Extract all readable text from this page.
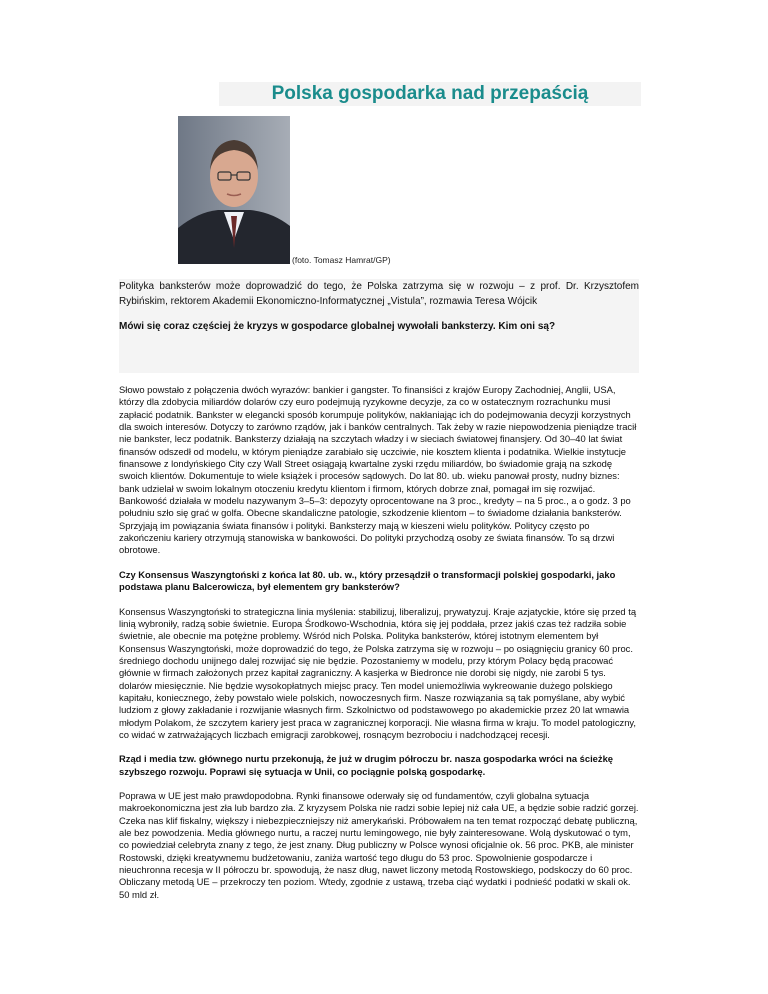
Polska gospodarka nad przepaścią
(foto. Tomasz Hamrat/GP)

Polityka banksterów może doprowadzić do tego, że Polska zatrzyma się w rozwoju – z prof. Dr. Krzysztofem Rybińskim, rektorem Akademii Ekonomiczno-Informatycznej „Vistula”, rozmawia Teresa Wójcik

Mówi się coraz częściej że kryzys w gospodarce globalnej wywołali banksterzy. Kim oni są?

Słowo powstało z połączenia dwóch wyrazów: bankier i gangster. To finansiści z krajów Europy Zachodniej, Anglii, USA, którzy dla zdobycia miliardów dolarów czy euro podejmują ryzykowne decyzje, za co w ostatecznym rozrachunku musi zapłacić podatnik. Bankster w elegancki sposób korumpuje polityków, nakłaniając ich do podejmowania decyzji korzystnych dla swoich interesów. Dotyczy to zarówno rządów, jak i banków centralnych. Tak żeby w razie niepowodzenia pieniądze tracił nie bankster, lecz podatnik. Banksterzy działają na szczytach władzy i w sieciach światowej finansjery. Od 30–40 lat świat finansów odszedł od modelu, w którym pieniądze zarabiało się uczciwie, nie kosztem klienta i podatnika. Wielkie instytucje finansowe z londyńskiego City czy Wall Street osiągają kwartalne zyski rzędu miliardów, bo świadomie grają na szkodę swoich klientów. Dokumentuje to wiele książek i procesów sądowych. Do lat 80. ub. wieku panował prosty, nudny biznes: bank udzielał w swoim lokalnym otoczeniu kredytu klientom i firmom, których dobrze znał, pomagał im się rozwijać. Bankowość działała w modelu nazywanym 3–5–3: depozyty oprocentowane na 3 proc., kredyty – na 5 proc., a o godz. 3 po południu szło się grać w golfa. Obecne skandaliczne patologie, szkodzenie klientom – to świadome działania banksterów. Sprzyjają im powiązania świata finansów i polityki. Banksterzy mają w kieszeni wielu polityków. Politycy często po zakończeniu kariery otrzymują stanowiska w bankowości. Do polityki przychodzą osoby ze świata finansów. To są drzwi obrotowe.

Czy Konsensus Waszyngtoński z końca lat 80. ub. w., który przesądził o transformacji polskiej gospodarki, jako podstawa planu Balcerowicza, był elementem gry banksterów?

Konsensus Waszyngtoński to strategiczna linia myślenia: stabilizuj, liberalizuj, prywatyzuj. Kraje azjatyckie, które się przed tą linią wybroniły, radzą sobie świetnie. Europa Środkowo-Wschodnia, która się jej poddała, przez jakiś czas też radziła sobie świetnie, ale obecnie ma potężne problemy. Wśród nich Polska. Polityka banksterów, której istotnym elementem był Konsensus Waszyngtoński, może doprowadzić do tego, że Polska zatrzyma się w rozwoju – po osiągnięciu granicy 60 proc. średniego dochodu unijnego dalej rozwijać się nie będzie. Pozostaniemy w modelu, przy którym Polacy będą pracować głównie w firmach założonych przez kapitał zagraniczny. A kasjerka w Biedronce nie dorobi się nigdy, nie zarobi 5 tys. dolarów miesięcznie. Nie będzie wysokopłatnych miejsc pracy. Ten model uniemożliwia wykreowanie dużego polskiego kapitału, koniecznego, żeby powstało wiele polskich, nowoczesnych firm. Nasze rozwiązania są tak pomyślane, aby wybić ludziom z głowy zakładanie i rozwijanie własnych firm. Szkolnictwo od podstawowego po akademickie przez 20 lat wmawia młodym Polakom, że szczytem kariery jest praca w zagranicznej korporacji. Nie własna firma w kraju. To model patologiczny, co widać w zatrważających liczbach emigracji zarobkowej, rosnącym bezrobociu i nadchodzącej recesji.

Rząd i media tzw. głównego nurtu przekonują, że już w drugim półroczu br. nasza gospodarka wróci na ścieżkę szybszego rozwoju. Poprawi się sytuacja w Unii, co pociągnie polską gospodarkę.

Poprawa w UE jest mało prawdopodobna. Rynki finansowe oderwały się od fundamentów, czyli globalna sytuacja makroekonomiczna jest zła lub bardzo zła. Z kryzysem Polska nie radzi sobie lepiej niż cała UE, a będzie sobie radzić gorzej. Czeka nas klif fiskalny, większy i niebezpieczniejszy niż amerykański. Próbowałem na ten temat rozpocząć debatę publiczną, ale bez powodzenia. Media głównego nurtu, a raczej nurtu lemingowego, nie były zainteresowane. Wolą dyskutować o tym, co powiedział celebryta znany z tego, że jest znany. Dług publiczny w Polsce wynosi oficjalnie ok. 56 proc. PKB, ale minister Rostowski, dzięki kreatywnemu budżetowaniu, zaniża wartość tego długu do 53 proc. Spowolnienie gospodarcze i nieuchronna recesja w II półroczu br. spowodują, że nasz dług, nawet liczony metodą Rostowskiego, podskoczy do 60 proc. Obliczany metodą UE – przekroczy ten poziom. Wtedy, zgodnie z ustawą, trzeba ciąć wydatki i podnieść podatki w skali ok. 50 mld zł.
